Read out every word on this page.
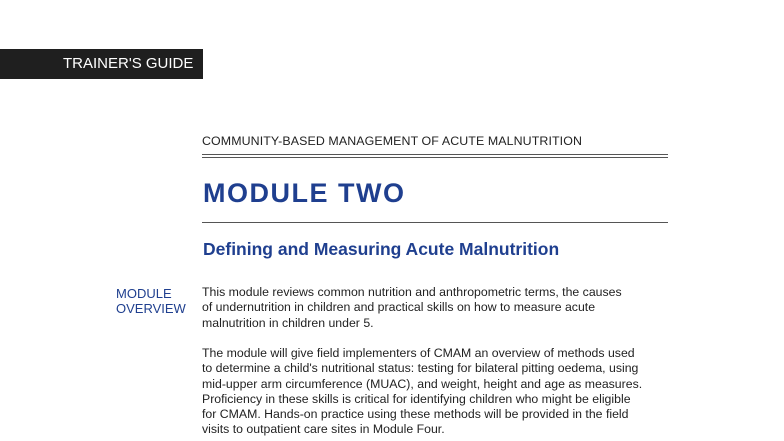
TRAINER'S GUIDE
COMMUNITY-BASED MANAGEMENT OF ACUTE MALNUTRITION
MODULE TWO
Defining and Measuring Acute Malnutrition
MODULE
OVERVIEW
This module reviews common nutrition and anthropometric terms, the causes
of undernutrition in children and practical skills on how to measure acute
malnutrition in children under 5.
The module will give field implementers of CMAM an overview of methods used
to determine a child's nutritional status: testing for bilateral pitting oedema, using
mid-upper arm circumference (MUAC), and weight, height and age as measures.
Proficiency in these skills is critical for identifying children who might be eligible
for CMAM. Hands-on practice using these methods will be provided in the field
visits to outpatient care sites in Module Four.
